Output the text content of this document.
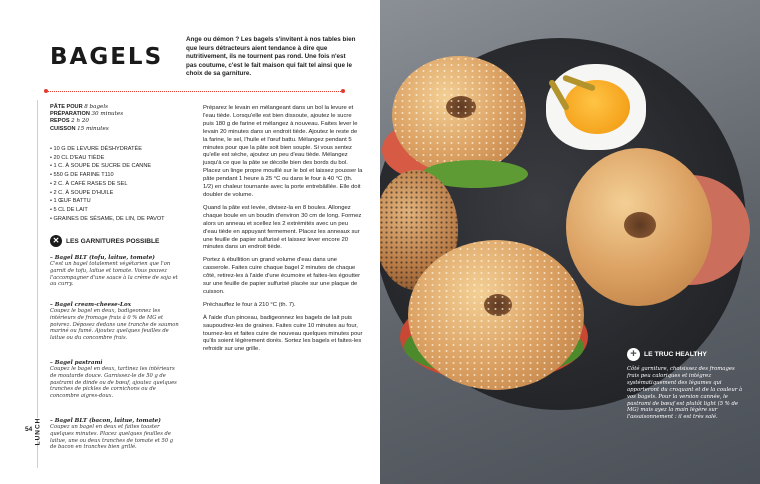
BAGELS
Ange ou démon ? Les bagels s'invitent à nos tables bien que leurs détracteurs aient tendance à dire que nutritivement, ils ne tournent pas rond. Une fois n'est pas coutume, c'est le fait maison qui fait tel ainsi que le choix de sa garniture.
PÂTE POUR 8 bagels
PRÉPARATION 30 minutes
REPOS 2 h 20
CUISSON 15 minutes
• 10 G DE LEVURE DÉSHYDRATÉE
• 20 CL D'EAU TIÈDE
• 1 C. À SOUPE DE SUCRE DE CANNE
• 550 G DE FARINE T110
• 2 C. À CAFÉ RASES DE SEL
• 2 C. À SOUPE D'HUILE
• 1 ŒUF BATTU
• 5 CL DE LAIT
• GRAINES DE SÉSAME, DE LIN, DE PAVOT
✕	LES GARNITURES POSSIBLE
– Bagel BLT (tofu, laitue, tomate)
C'est un bagel totalement végétarien que l'on garnit de tofu, laitue et tomate. Vous pouvez l'accompagner d'une sauce à la crème de soja et au curry.
– Bagel cream-cheese-Lox
Coupez le bagel en deux, badigeonnez les intérieurs de fromage frais à 0 % de MG et poivrez. Déposez dedans une tranche de saumon mariné ou fumé. Ajoutez quelques feuilles de laitue ou du concombre frais.
– Bagel pastrami
Coupez le bagel en deux, tartinez les intérieurs de moutarde douce. Garnissez-le de 50 g de pastrami de dinde ou de bœuf, ajoutez quelques tranches de pickles de cornichons ou de concombre aigres-doux.
– Bagel BLT (bacon, laitue, tomate)
Coupez un bagel en deux et faites toaster quelques minutes. Placez quelques feuilles de laitue, une ou deux tranches de tomate et 50 g de bacon en tranches bien grillé.

Préparez le levain en mélangeant dans un bol la levure et l'eau tiède. Lorsqu'elle est bien dissoute, ajoutez le sucre puis 180 g de farine et mélangez à nouveau. Faites lever le levain 20 minutes dans un endroit tiède. Ajoutez le reste de la farine, le sel, l'huile et l'œuf battu. Mélangez pendant 5 minutes pour que la pâte soit bien souple. Si vous sentez qu'elle est sèche, ajoutez un peu d'eau tiède. Mélangez jusqu'à ce que la pâte se décolle bien des bords du bol. Placez un linge propre mouillé sur le bol et laissez pousser la pâte pendant 1 heure à 25 °C ou dans le four à 40 °C (th. 1/2) en chaleur tournante avec la porte entrebâillée. Elle doit doubler de volume.

Quand la pâte est levée, divisez-la en 8 boules. Allongez chaque boule en un boudin d'environ 30 cm de long. Formez alors un anneau et scellez les 2 extrémités avec un peu d'eau tiède en appuyant fermement. Placez les anneaux sur une feuille de papier sulfurisé et laissez lever encore 20 minutes dans un endroit tiède.

Portez à ébullition un grand volume d'eau dans une casserole. Faites cuire chaque bagel 2 minutes de chaque côté, retirez-les à l'aide d'une écumoire et faites-les égoutter sur une feuille de papier sulfurisé placée sur une plaque de cuisson.

Préchauffez le four à 210 °C (th. 7).

À l'aide d'un pinceau, badigeonnez les bagels de lait puis saupoudrez-les de graines. Faites cuire 10 minutes au four, tournez-les et faites cuire de nouveau quelques minutes pour qu'ils soient légèrement dorés. Sortez les bagels et faites-les refroidir sur une grille.

LUNCH
54
+	LE TRUC HEALTHY
Côté garniture, choisissez des fromages frais peu caloriques et intégrez systématiquement des légumes qui apporteront du croquant et de la couleur à vos bagels. Pour la version cannée, le pastrami de bœuf est plutôt light (5 % de MG) mais ayez la main légère sur l'assaisonnement : il est très salé.
